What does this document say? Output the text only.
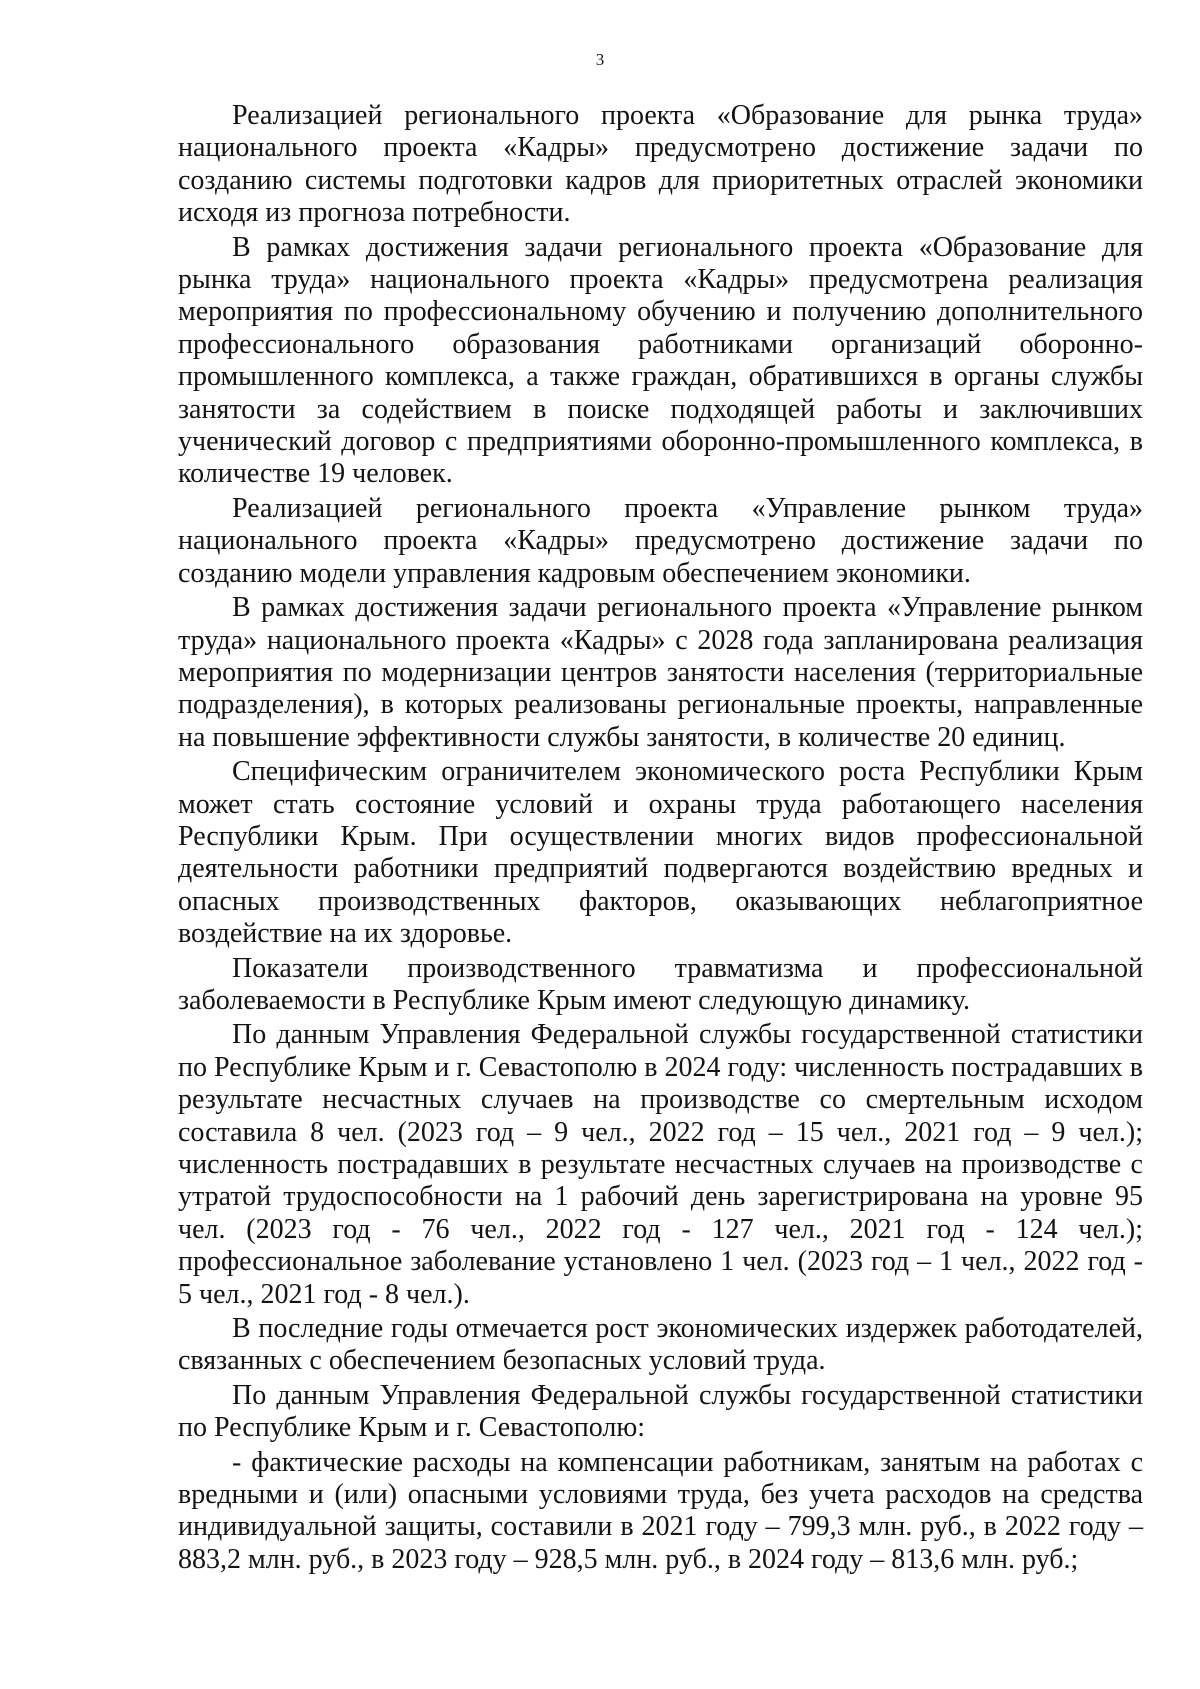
3

Реализацией регионального проекта «Образование для рынка труда» национального проекта «Кадры» предусмотрено достижение задачи по созданию системы подготовки кадров для приоритетных отраслей экономики исходя из прогноза потребности.

В рамках достижения задачи регионального проекта «Образование для рынка труда» национального проекта «Кадры» предусмотрена реализация мероприятия по профессиональному обучению и получению дополнительного профессионального образования работниками организаций оборонно-промышленного комплекса, а также граждан, обратившихся в органы службы занятости за содействием в поиске подходящей работы и заключивших ученический договор с предприятиями оборонно-промышленного комплекса, в количестве 19 человек.

Реализацией регионального проекта «Управление рынком труда» национального проекта «Кадры» предусмотрено достижение задачи по созданию модели управления кадровым обеспечением экономики.

В рамках достижения задачи регионального проекта «Управление рынком труда» национального проекта «Кадры» с 2028 года запланирована реализация мероприятия по модернизации центров занятости населения (территориальные подразделения), в которых реализованы региональные проекты, направленные на повышение эффективности службы занятости, в количестве 20 единиц.

Специфическим ограничителем экономического роста Республики Крым может стать состояние условий и охраны труда работающего населения Республики Крым. При осуществлении многих видов профессиональной деятельности работники предприятий подвергаются воздействию вредных и опасных производственных факторов, оказывающих неблагоприятное воздействие на их здоровье.

Показатели производственного травматизма и профессиональной заболеваемости в Республике Крым имеют следующую динамику.

По данным Управления Федеральной службы государственной статистики по Республике Крым и г. Севастополю в 2024 году: численность пострадавших в результате несчастных случаев на производстве со смертельным исходом составила 8 чел. (2023 год – 9 чел., 2022 год – 15 чел., 2021 год – 9 чел.); численность пострадавших в результате несчастных случаев на производстве с утратой трудоспособности на 1 рабочий день зарегистрирована на уровне 95 чел. (2023 год - 76 чел., 2022 год - 127 чел., 2021 год - 124 чел.); профессиональное заболевание установлено 1 чел. (2023 год – 1 чел., 2022 год - 5 чел., 2021 год - 8 чел.).

В последние годы отмечается рост экономических издержек работодателей, связанных с обеспечением безопасных условий труда.

По данным Управления Федеральной службы государственной статистики по Республике Крым и г. Севастополю:

- фактические расходы на компенсации работникам, занятым на работах с вредными и (или) опасными условиями труда, без учета расходов на средства индивидуальной защиты, составили в 2021 году – 799,3 млн. руб., в 2022 году – 883,2 млн. руб., в 2023 году – 928,5 млн. руб., в 2024 году – 813,6 млн. руб.;
